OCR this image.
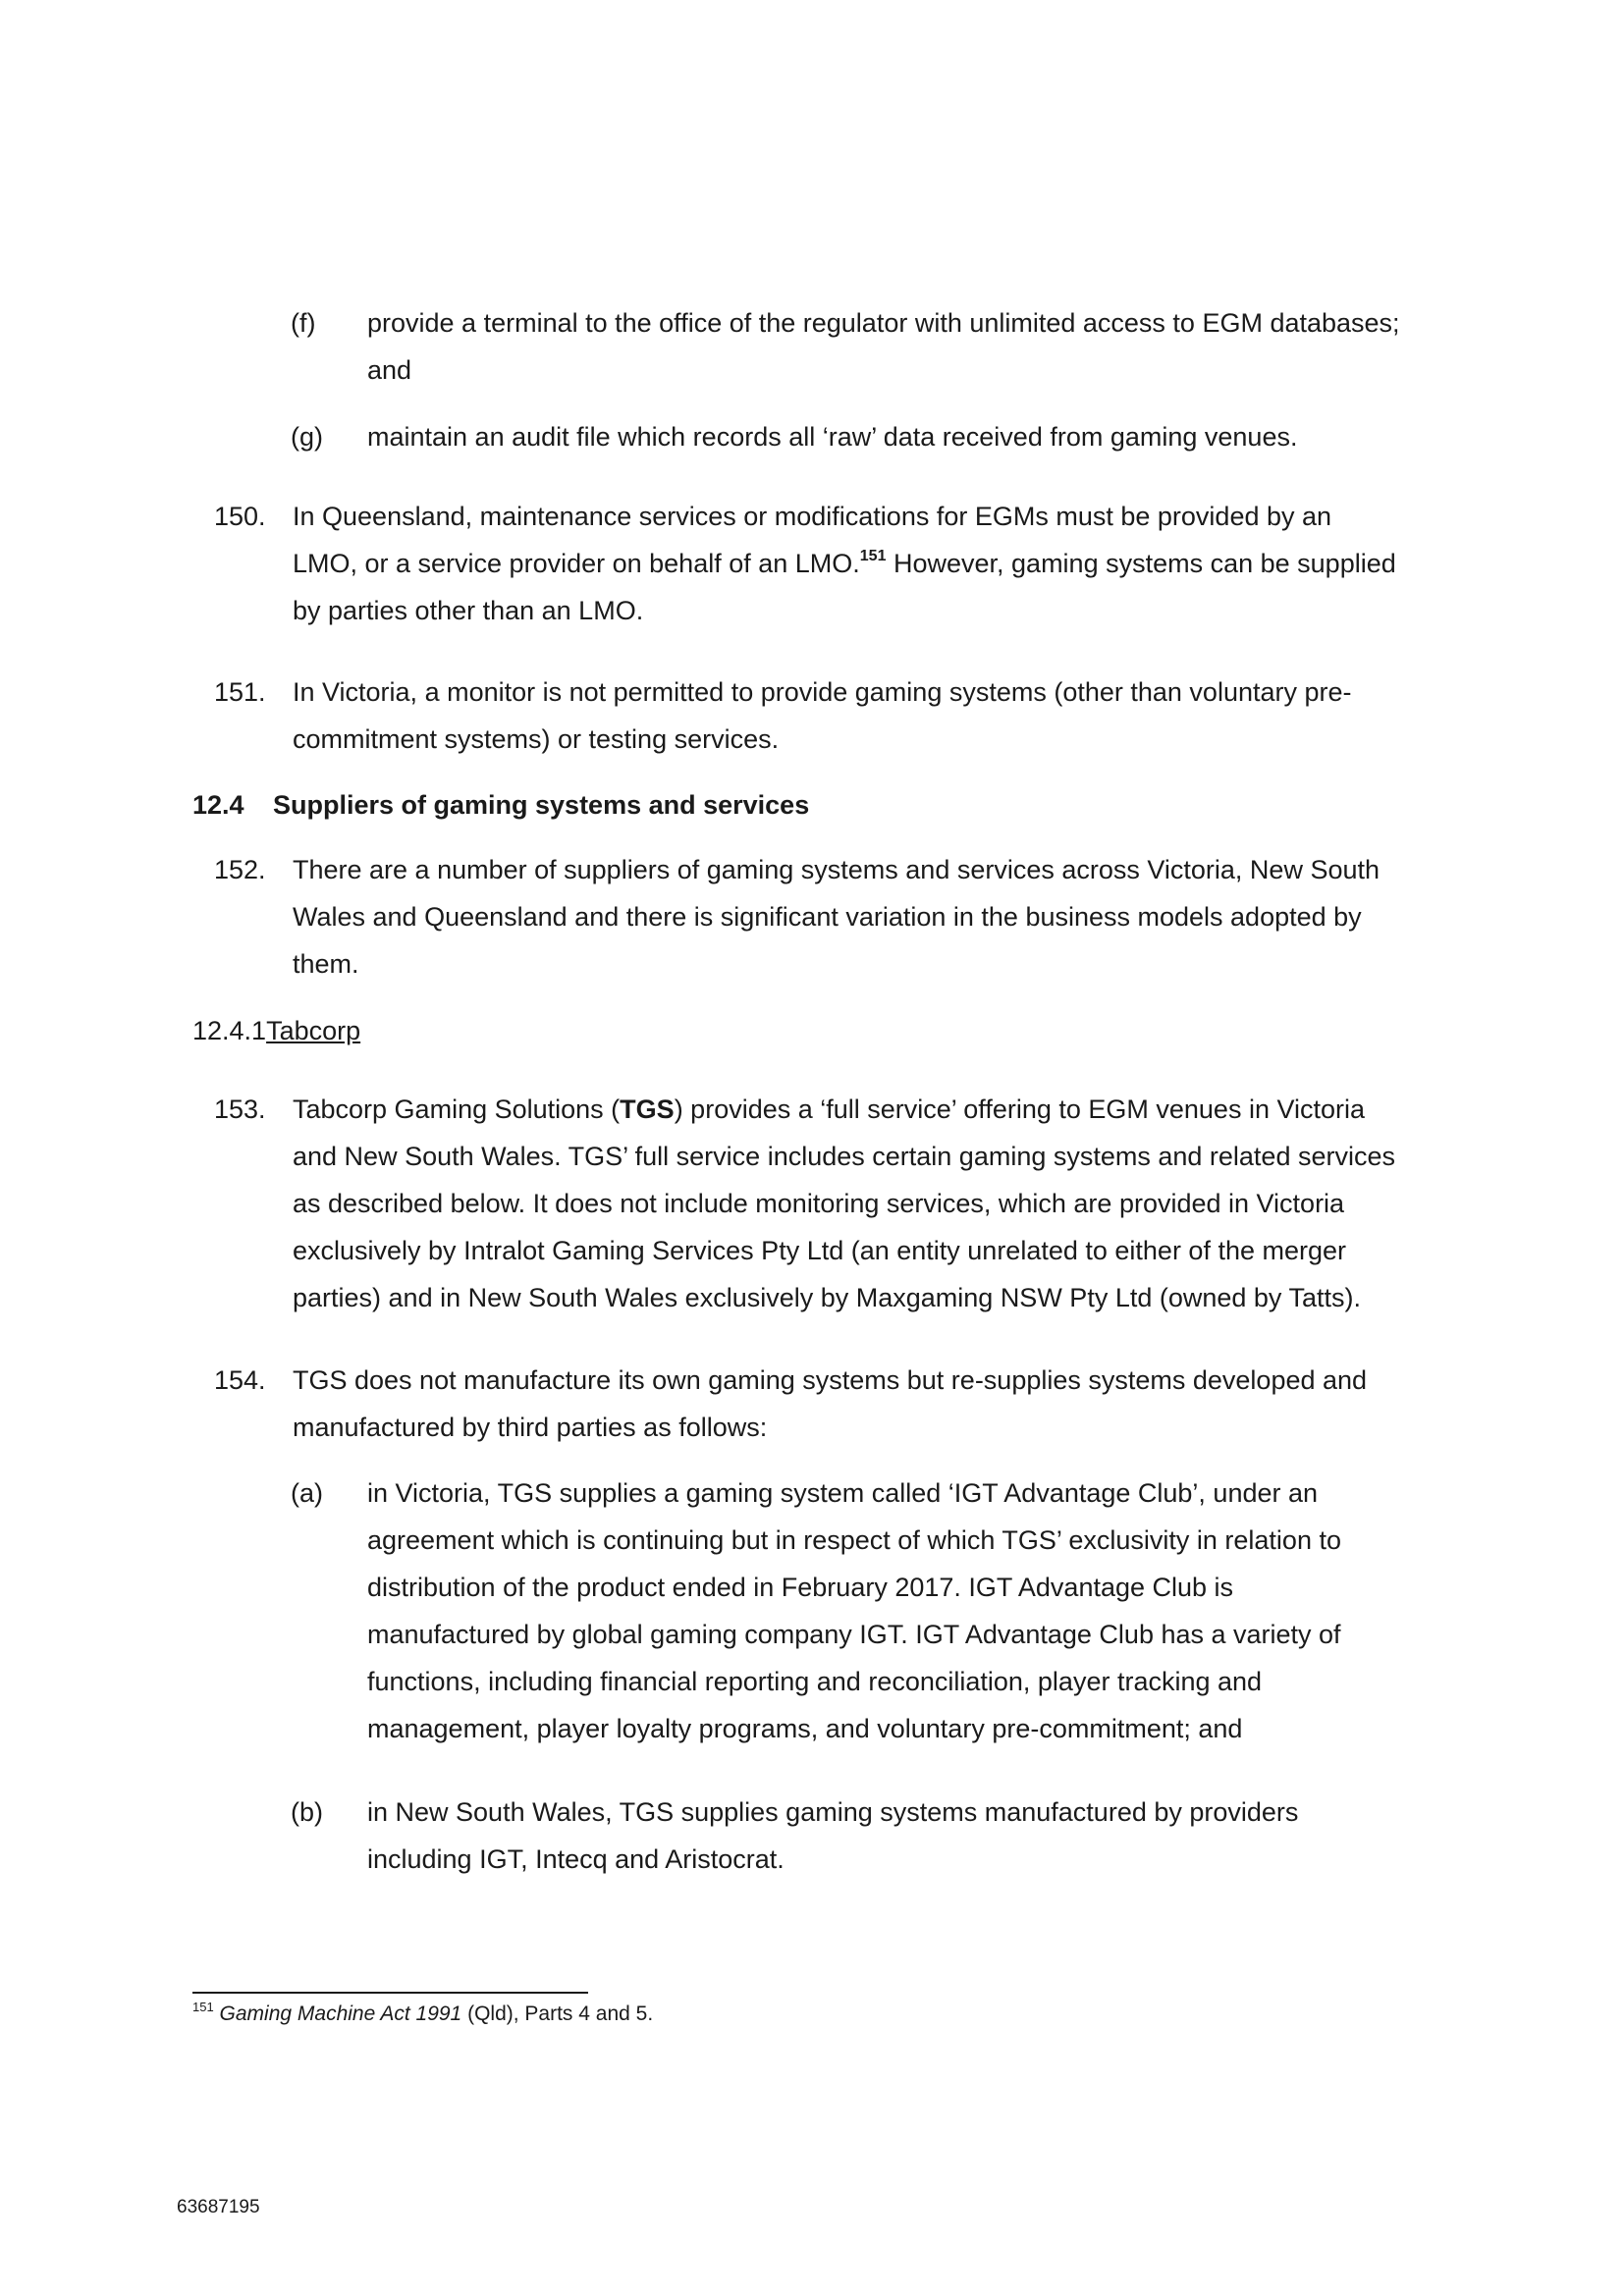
(f) provide a terminal to the office of the regulator with unlimited access to EGM databases;
and
(g) maintain an audit file which records all ‘raw’ data received from gaming venues.
150. In Queensland, maintenance services or modifications for EGMs must be provided by an
LMO, or a service provider on behalf of an LMO.$^{151}$ However, gaming systems can be supplied
by parties other than an LMO.
151. In Victoria, a monitor is not permitted to provide gaming systems (other than voluntary pre-
commitment systems) or testing services.
12.4 Suppliers of gaming systems and services
152. There are a number of suppliers of gaming systems and services across Victoria, New South
Wales and Queensland and there is significant variation in the business models adopted by
them.
12.4.1Tabcorp
153. Tabcorp Gaming Solutions (TGS) provides a ‘full service’ offering to EGM venues in Victoria
and New South Wales. TGS’ full service includes certain gaming systems and related services
as described below. It does not include monitoring services, which are provided in Victoria
exclusively by Intralot Gaming Services Pty Ltd (an entity unrelated to either of the merger
parties) and in New South Wales exclusively by Maxgaming NSW Pty Ltd (owned by Tatts).
154. TGS does not manufacture its own gaming systems but re-supplies systems developed and
manufactured by third parties as follows:
(a) in Victoria, TGS supplies a gaming system called ‘IGT Advantage Club’, under an
agreement which is continuing but in respect of which TGS’ exclusivity in relation to
distribution of the product ended in February 2017. IGT Advantage Club is
manufactured by global gaming company IGT. IGT Advantage Club has a variety of
functions, including financial reporting and reconciliation, player tracking and
management, player loyalty programs, and voluntary pre-commitment; and
(b) in New South Wales, TGS supplies gaming systems manufactured by providers
including IGT, Intecq and Aristocrat.
$^{151}$ Gaming Machine Act 1991 (Qld), Parts 4 and 5.
63687195
